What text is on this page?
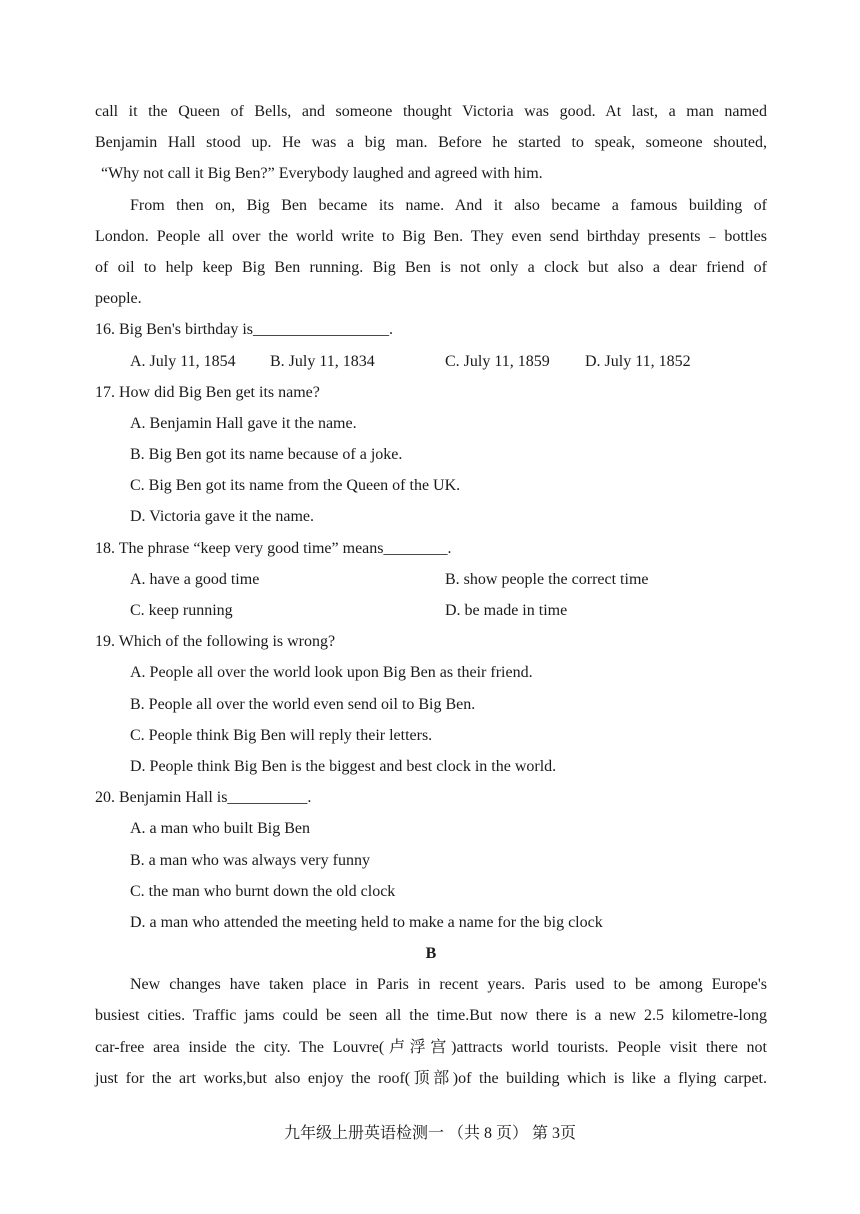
call it the Queen of Bells, and someone thought Victoria was good. At last, a man named
Benjamin Hall stood up. He was a big man. Before he started to speak, someone shouted,
“Why not call it Big Ben?” Everybody laughed and agreed with him.
From then on, Big Ben became its name. And it also became a famous building of
London. People all over the world write to Big Ben. They even send birthday presents﹣bottles
of oil to help keep Big Ben running. Big Ben is not only a clock but also a dear friend of
people.
16. Big Ben's birthday is_________________.
A. July 11, 1854 B. July 11, 1834	C. July 11, 1859 D. July 11, 1852
17. How did Big Ben get its name?
A. Benjamin Hall gave it the name.
B. Big Ben got its name because of a joke.
C. Big Ben got its name from the Queen of the UK.
D. Victoria gave it the name.
18. The phrase “keep very good time” means________.
A. have a good time	B. show people the correct time
C. keep running	D. be made in time
19. Which of the following is wrong?
A. People all over the world look upon Big Ben as their friend.
B. People all over the world even send oil to Big Ben.
C. People think Big Ben will reply their letters.
D. People think Big Ben is the biggest and best clock in the world.
20. Benjamin Hall is__________.
A. a man who built Big Ben
B. a man who was always very funny
C. the man who burnt down the old clock
D. a man who attended the meeting held to make a name for the big clock
B
New changes have taken place in Paris in recent years. Paris used to be among Europe's
busiest cities. Traffic jams could be seen all the time.But now there is a new 2.5 kilometre-long
car-free area inside the city. The Louvre(卢浮宫)attracts world tourists. People visit there not
just for the art works,but also enjoy the roof(顶部)of the building which is like a flying carpet.
九年级上册英语检测一 （共 8 页） 第 3页
